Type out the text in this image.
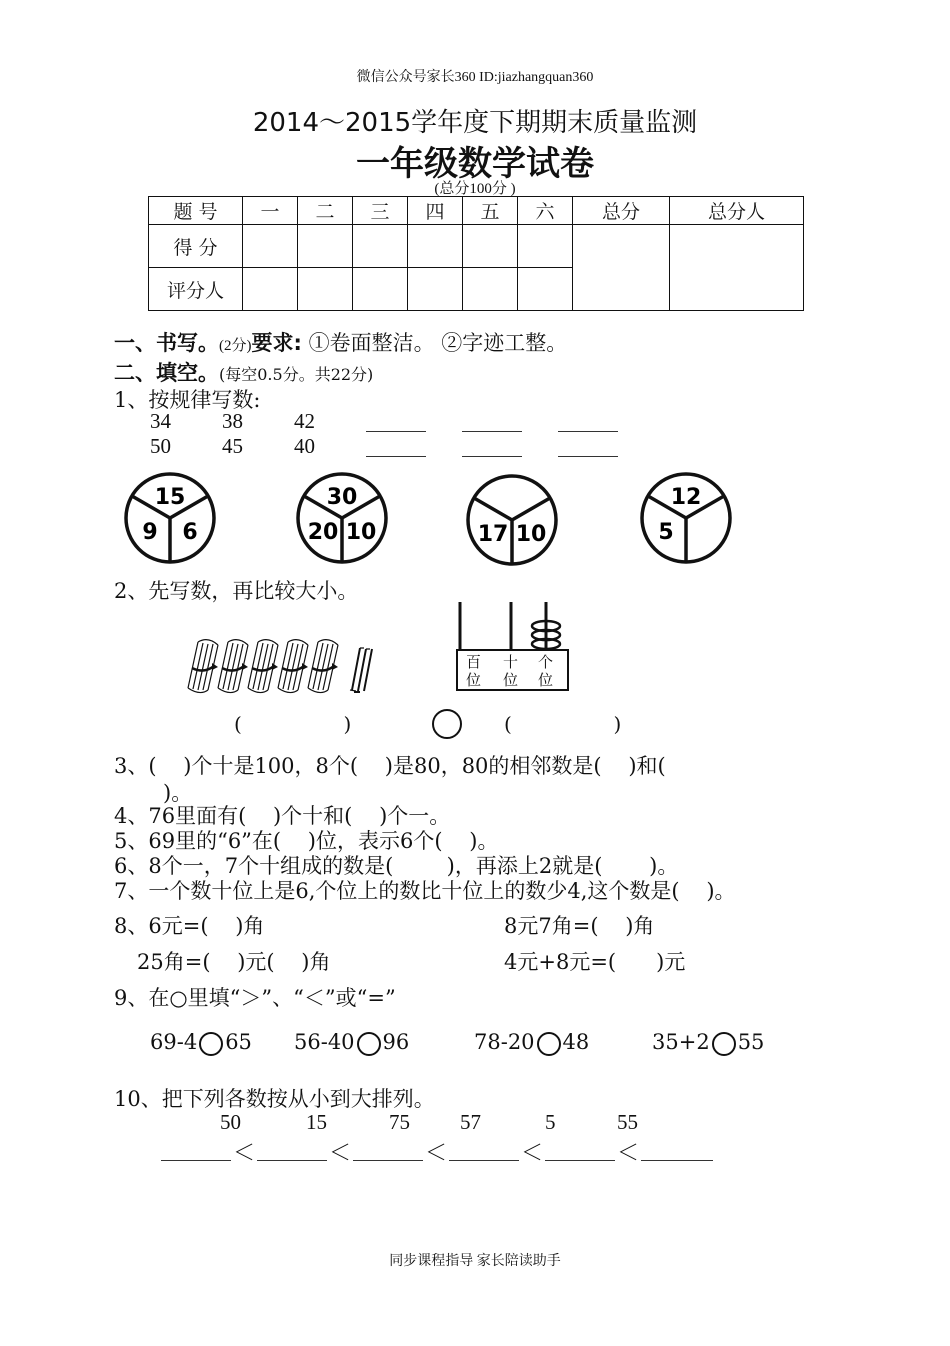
微信公众号家长360 ID:jiazhangquan360
2014～2015学年度下期期末质量监测
一年级数学试卷
(总分100分 )
题 号	一	二	三	四	五	六	总分	总分人
得 分								
评分人								
一、书写。(2分)要求: ①卷面整洁。 ②字迹工整。
二、填空。(每空0.5分。共22分)
1、按规律写数:
34 38 42
50 45 40
15
9 6
30
20 10	17 10
12
5
2、先写数，再比较大小。
百
位
十
位
个
位
(                )	(                )
3、(    )个十是100，8个(    )是80，80的相邻数是(    )和(
)。
4、76里面有(    )个十和(    )个一。
5、69里的“6”在(    )位，表示6个(    )。
6、8个一，7个十组成的数是(        )，再添上2就是(       )。
7、一个数十位上是6,个位上的数比十位上的数少4,这个数是(    )。
8、6元=(    )角	8元7角=(    )角
25角=(    )元(    )角	4元+8元=(      )元
9、在○里填“＞”、“＜”或“=”
69-4 65 56-40 96	78-20 48	35+2 55
10、把下列各数按从小到大排列。
50	15	75 57	5	55
＜	＜	＜	＜	＜
同步课程指导 家长陪读助手
